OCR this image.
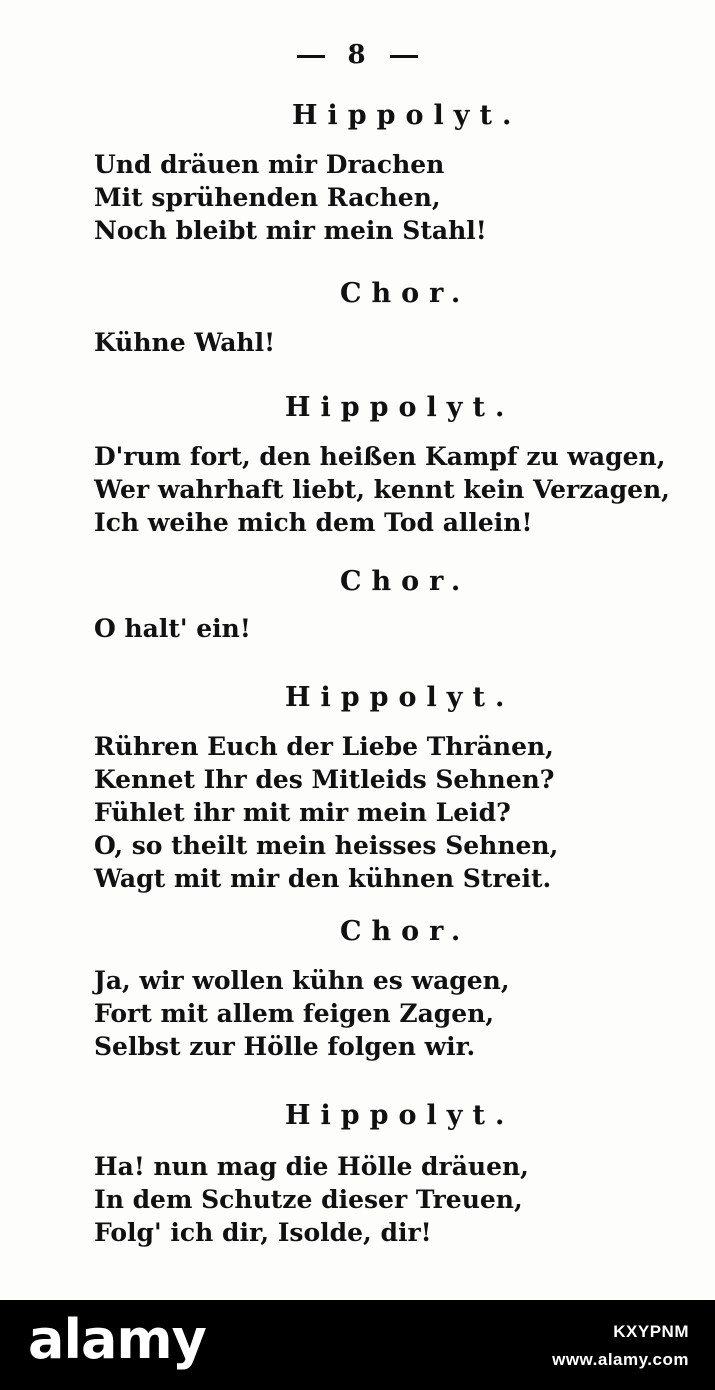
8
Hippolyt.
Und dräuen mir Drachen
Mit sprühenden Rachen,
Noch bleibt mir mein Stahl!
Chor.
Kühne Wahl!
Hippolyt.
D'rum fort, den heißen Kampf zu wagen,
Wer wahrhaft liebt, kennt kein Verzagen,
Ich weihe mich dem Tod allein!
Chor.
O halt' ein!
Hippolyt.
Rühren Euch der Liebe Thränen,
Kennet Ihr des Mitleids Sehnen?
Fühlet ihr mit mir mein Leid?
O, so theilt mein heisses Sehnen,
Wagt mit mir den kühnen Streit.
Chor.
Ja, wir wollen kühn es wagen,
Fort mit allem feigen Zagen,
Selbst zur Hölle folgen wir.
Hippolyt.
Ha! nun mag die Hölle dräuen,
In dem Schutze dieser Treuen,
Folg' ich dir, Isolde, dir!
alamy	KXYPNM
www.alamy.com
